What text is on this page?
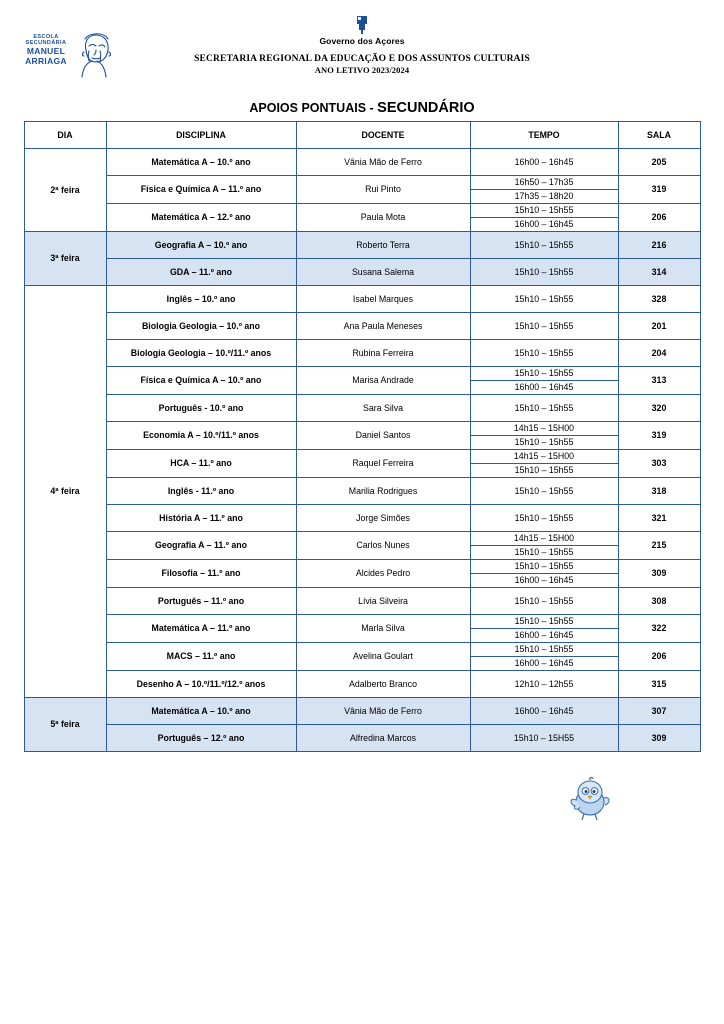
ESCOLA
SECUNDÁRIA
MANUEL
ARRIAGA
Governo dos Açores
SECRETARIA REGIONAL DA EDUCAÇÃO E DOS ASSUNTOS CULTURAIS
ANO LETIVO 2023/2024
APOIOS PONTUAIS - SECUNDÁRIO
DIA	DISCIPLINA	DOCENTE	TEMPO	SALA
2ª feira	Matemática A – 10.º ano	Vânia Mão de Ferro	16h00 – 16h45	205
	Física e Química A – 11.º ano	Rui Pinto	16h50 – 17h35
17h35 – 18h20	319
	Matemática A – 12.º ano	Paula Mota	15h10 – 15h55
16h00 – 16h45	206
3ª feira	Geografia A – 10.º ano	Roberto Terra	15h10 – 15h55	216
	GDA – 11.º ano	Susana Salema	15h10 – 15h55	314
4ª feira	Inglês – 10.º ano	Isabel Marques	15h10 – 15h55	328
	Biologia Geologia – 10.º ano	Ana Paula Meneses	15h10 – 15h55	201
	Biologia Geologia – 10.º/11.º anos	Rubina Ferreira	15h10 – 15h55	204
	Física e Química A – 10.º ano	Marisa Andrade	15h10 – 15h55
16h00 – 16h45	313
	Português - 10.º ano	Sara Silva	15h10 – 15h55	320
	Economia A – 10.º/11.º anos	Daniel Santos	14h15 – 15H00
15h10 – 15h55	319
	HCA – 11.º ano	Raquel Ferreira	14h15 – 15H00
15h10 – 15h55	303
	Inglês - 11.º ano	Marilia Rodrigues	15h10 – 15h55	318
	História A – 11.º ano	Jorge Simões	15h10 – 15h55	321
	Geografia A – 11.º ano	Carlos Nunes	14h15 – 15H00
15h10 – 15h55	215
	Filosofia – 11.º ano	Alcides Pedro	15h10 – 15h55
16h00 – 16h45	309
	Português – 11.º ano	Lívia Silveira	15h10 – 15h55	308
	Matemática A – 11.º ano	Marla Silva	15h10 – 15h55
16h00 – 16h45	322
	MACS – 11.º ano	Avelina Goulart	15h10 – 15h55
16h00 – 16h45	206
	Desenho A – 10.º/11.º/12.º anos	Adalberto Branco	12h10 – 12h55	315
5ª feira	Matemática A – 10.º ano	Vânia Mão de Ferro	16h00 – 16h45	307
	Português – 12.º ano	Alfredina Marcos	15h10 – 15H55	309
